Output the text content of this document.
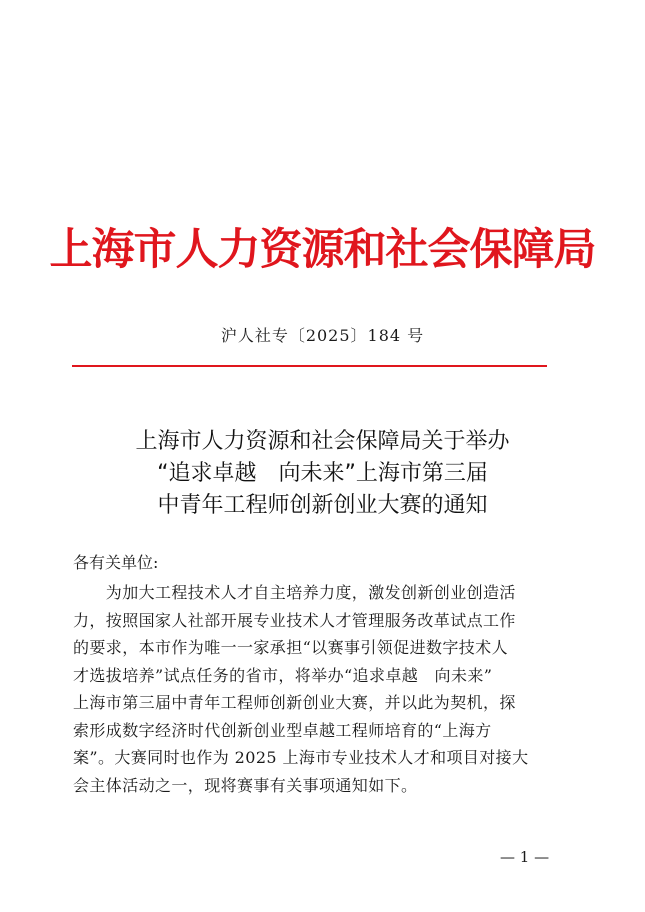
上海市人力资源和社会保障局
沪人社专〔2025〕184 号
上海市人力资源和社会保障局关于举办
“追求卓越　向未来”上海市第三届
中青年工程师创新创业大赛的通知
各有关单位:
　　为加大工程技术人才自主培养力度，激发创新创业创造活
力，按照国家人社部开展专业技术人才管理服务改革试点工作
的要求，本市作为唯一一家承担“以赛事引领促进数字技术人
才选拔培养”试点任务的省市，将举办“追求卓越　向未来”
上海市第三届中青年工程师创新创业大赛，并以此为契机，探
索形成数字经济时代创新创业型卓越工程师培育的“上海方
案”。大赛同时也作为 2025 上海市专业技术人才和项目对接大
会主体活动之一，现将赛事有关事项通知如下。
— 1 —
